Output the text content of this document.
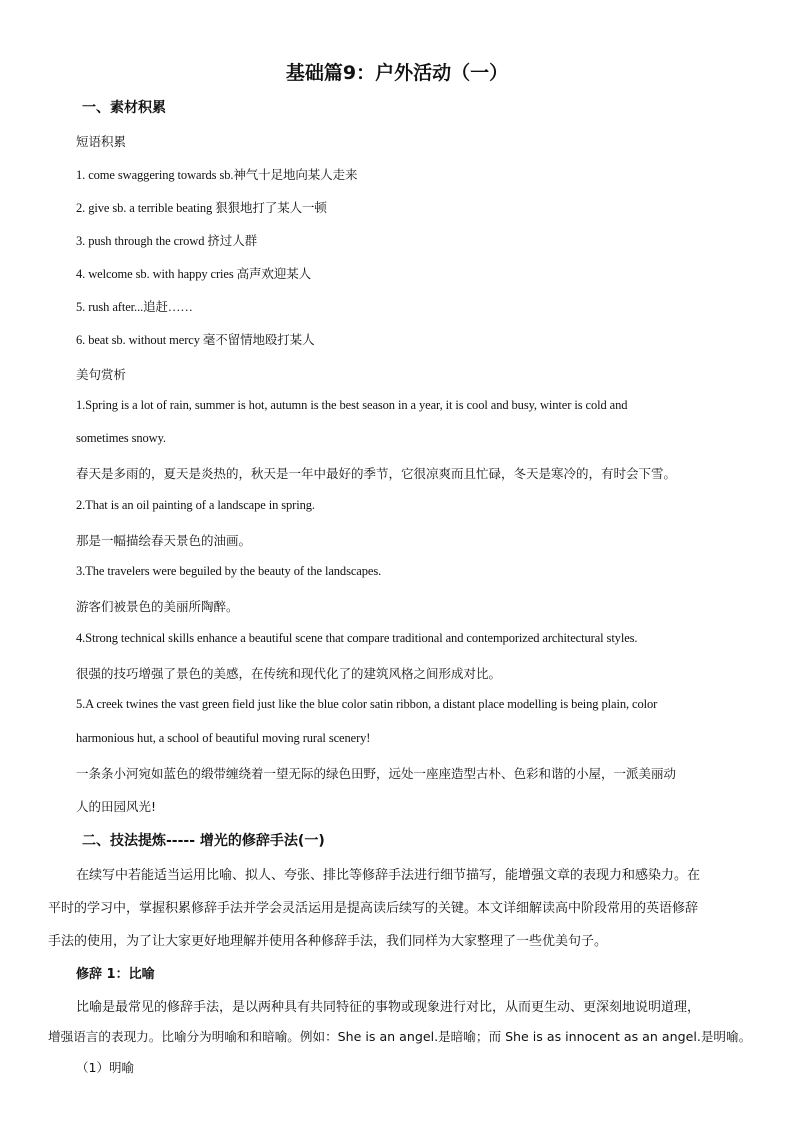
基础篇9：户外活动（一）
一、素材积累
短语积累
1. come swaggering towards sb.神气十足地向某人走来
2. give sb. a terrible beating 狠狠地打了某人一顿
3. push through the crowd 挤过人群
4. welcome sb. with happy cries 高声欢迎某人
5. rush after...追赶……
6. beat sb. without mercy 毫不留情地殴打某人
美句赏析
1.Spring is a lot of rain, summer is hot, autumn is the best season in a year, it is cool and busy, winter is cold and
sometimes snowy.
春天是多雨的，夏天是炎热的，秋天是一年中最好的季节，它很凉爽而且忙碌，冬天是寒冷的，有时会下雪。
2.That is an oil painting of a landscape in spring.
那是一幅描绘春天景色的油画。
3.The travelers were beguiled by the beauty of the landscapes.
游客们被景色的美丽所陶醉。
4.Strong technical skills enhance a beautiful scene that compare traditional and contemporized architectural styles.
很强的技巧增强了景色的美感，在传统和现代化了的建筑风格之间形成对比。
5.A creek twines the vast green field just like the blue color satin ribbon, a distant place modelling is being plain, color
harmonious hut, a school of beautiful moving rural scenery!
一条条小河宛如蓝色的缎带缠绕着一望无际的绿色田野，远处一座座造型古朴、色彩和谐的小屋，一派美丽动
人的田园风光!
二、技法提炼----- 增光的修辞手法(一)
在续写中若能适当运用比喻、拟人、夸张、排比等修辞手法进行细节描写，能增强文章的表现力和感染力。在
平时的学习中，掌握积累修辞手法并学会灵活运用是提高读后续写的关键。本文详细解读高中阶段常用的英语修辞
手法的使用，为了让大家更好地理解并使用各种修辞手法，我们同样为大家整理了一些优美句子。
修辞 1：比喻
比喻是最常见的修辞手法，是以两种具有共同特征的事物或现象进行对比，从而更生动、更深刻地说明道理，
增强语言的表现力。比喻分为明喻和和暗喻。例如：She is an angel.是暗喻；而 She is as innocent as an angel.是明喻。
（1）明喻
